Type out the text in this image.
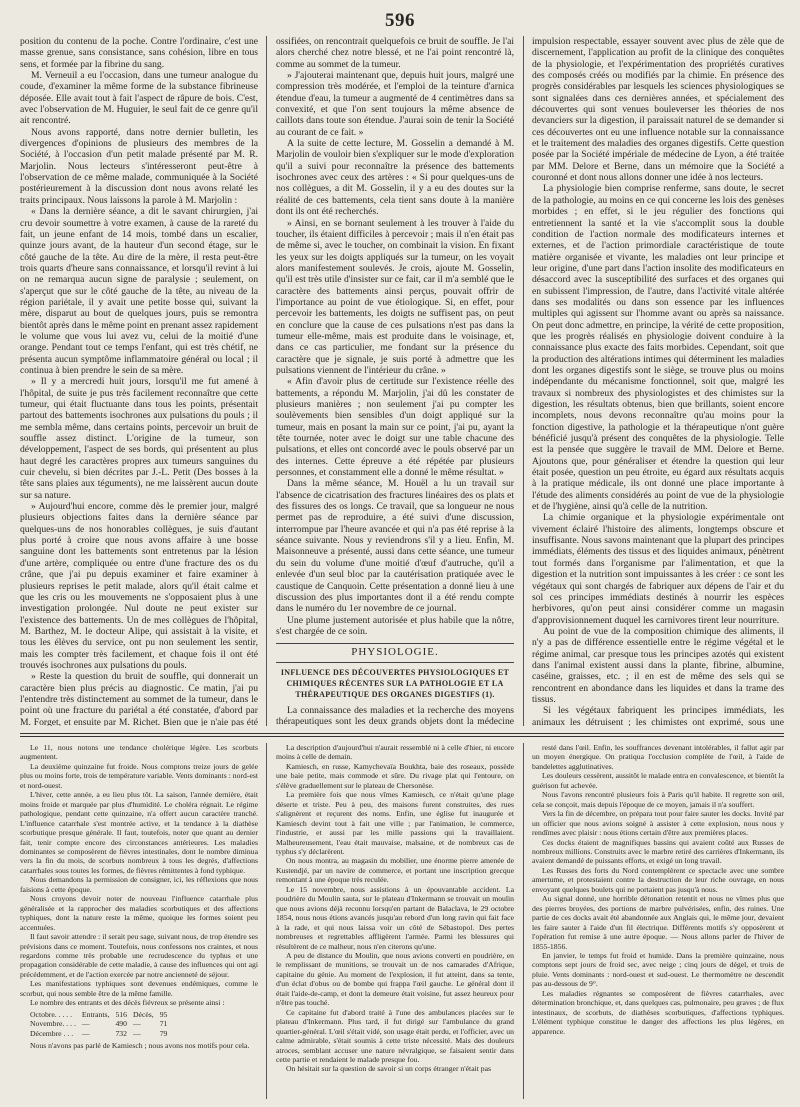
596

position du contenu de la poche. Contre l'ordinaire, c'est une masse grenue, sans consistance, sans cohésion, libre en tous sens, et formée par la fibrine du sang.

M. Verneuil a eu l'occasion, dans une tumeur analogue du coude, d'examiner la même forme de la substance fibrineuse déposée. Elle avait tout à fait l'aspect de râpure de bois. C'est, avec l'observation de M. Huguier, le seul fait de ce genre qu'il ait rencontré.

Nous avons rapporté, dans notre dernier bulletin, les divergences d'opinions de plusieurs des membres de la Société, à l'occasion d'un petit malade présenté par M. R. Marjolin. Nous lecteurs s'intéresseront peut-être à l'observation de ce même malade, communiquée à la Société postérieurement à la discussion dont nous avons relaté les traits principaux. Nous laissons la parole à M. Marjolin :

« Dans la dernière séance, a dit le savant chirurgien, j'ai cru devoir soumettre à votre examen, à cause de la rareté du fait, un jeune enfant de 14 mois, tombé dans un escalier, quinze jours avant, de la hauteur d'un second étage, sur le côté gauche de la tête. Au dire de la mère, il resta peut-être trois quarts d'heure sans connaissance, et lorsqu'il revint à lui on ne remarqua aucun signe de paralysie ; seulement, on s'aperçut que sur le côté gauche de la tête, au niveau de la région pariétale, il y avait une petite bosse qui, suivant la mère, disparut au bout de quelques jours, puis se remontra bientôt après dans le même point en prenant assez rapidement le volume que vous lui avez vu, celui de la moitié d'une orange. Pendant tout ce temps l'enfant, qui est très chétif, ne présenta aucun symptôme inflammatoire général ou local ; il continua à bien prendre le sein de sa mère.

» Il y a mercredi huit jours, lorsqu'il me fut amené à l'hôpital, de suite je pus très facilement reconnaître que cette tumeur, qui était fluctuante dans tous les points, présentait partout des battements isochrones aux pulsations du pouls ; il me sembla même, dans certains points, percevoir un bruit de souffle assez distinct. L'origine de la tumeur, son développement, l'aspect de ses bords, qui présentent au plus haut degré les caractères propres aux tumeurs sanguines du cuir chevelu, si bien décrites par J.-L. Petit (Des bosses à la tête sans plaies aux téguments), ne me laissèrent aucun doute sur sa nature.

» Aujourd'hui encore, comme dès le premier jour, malgré plusieurs objections faites dans la dernière séance par quelques-uns de nos honorables collègues, je suis d'autant plus porté à croire que nous avons affaire à une bosse sanguine dont les battements sont entretenus par la lésion d'une artère, compliquée ou entre d'une fracture des os du crâne, que j'ai pu depuis examiner et faire examiner à plusieurs reprises le petit malade, alors qu'il était calme et que les cris ou les mouvements ne s'opposaient plus à une investigation prolongée. Nul doute ne peut exister sur l'existence des battements. Un de mes collègues de l'hôpital, M. Barthez, M. le docteur Alipe, qui assistait à la visite, et tous les élèves du service, ont pu non seulement les sentir, mais les compter très facilement, et chaque fois il ont été trouvés isochrones aux pulsations du pouls.

» Reste la question du bruit de souffle, qui donnerait un caractère bien plus précis au diagnostic. Ce matin, j'ai pu l'entendre très distinctement au sommet de la tumeur, dans le point où une fracture du pariétal a été constatée, d'abord par M. Forget, et ensuite par M. Richet. Bien que je n'aie pas été

ossifiées, on rencontrait quelquefois ce bruit de souffle. Je l'ai alors cherché chez notre blessé, et ne l'ai point rencontré là, comme au sommet de la tumeur.

» J'ajouterai maintenant que, depuis huit jours, malgré une compression très modérée, et l'emploi de la teinture d'arnica étendue d'eau, la tumeur a augmenté de 4 centimètres dans sa convexité, et que l'on sent toujours la même absence de caillots dans toute son étendue. J'aurai soin de tenir la Société au courant de ce fait. »

A la suite de cette lecture, M. Gosselin a demandé à M. Marjolin de vouloir bien s'expliquer sur le mode d'exploration qu'il a suivi pour reconnaître la présence des battements isochrones avec ceux des artères : « Si pour quelques-uns de nos collègues, a dit M. Gosselin, il y a eu des doutes sur la réalité de ces battements, cela tient sans doute à la manière dont ils ont été recherchés.

» Ainsi, en se bornant seulement à les trouver à l'aide du toucher, ils étaient difficiles à percevoir ; mais il n'en était pas de même si, avec le toucher, on combinait la vision. En fixant les yeux sur les doigts appliqués sur la tumeur, on les voyait alors manifestement soulevés. Je crois, ajoute M. Gosselin, qu'il est très utile d'insister sur ce fait, car il m'a semblé que le caractère des battements ainsi perçus, pouvait offrir de l'importance au point de vue étiologique. Si, en effet, pour percevoir les battements, les doigts ne suffisent pas, on peut en conclure que la cause de ces pulsations n'est pas dans la tumeur elle-même, mais est produite dans le voisinage, et, dans ce cas particulier, me fondant sur la présence du caractère que je signale, je suis porté à admettre que les pulsations viennent de l'intérieur du crâne. »

« Afin d'avoir plus de certitude sur l'existence réelle des battements, a répondu M. Marjolin, j'ai dû les constater de plusieurs manières ; non seulement j'ai pu compter les soulèvements bien sensibles d'un doigt appliqué sur la tumeur, mais en posant la main sur ce point, j'ai pu, ayant la tête tournée, noter avec le doigt sur une table chacune des pulsations, et elles ont concordé avec le pouls observé par un des internes. Cette épreuve a été répétée par plusieurs personnes, et constamment elle a donné le même résultat. »

Dans la même séance, M. Houël a lu un travail sur l'absence de cicatrisation des fractures linéaires des os plats et des fissures des os longs. Ce travail, que sa longueur ne nous permet pas de reproduire, a été suivi d'une discussion, interrompue par l'heure avancée et qui n'a pas été reprise à la séance suivante. Nous y reviendrons s'il y a lieu. Enfin, M. Maisonneuve a présenté, aussi dans cette séance, une tumeur du sein du volume d'une moitié d'œuf d'autruche, qu'il a enlevée d'un seul bloc par la cautérisation pratiquée avec le caustique de Canquoin. Cette présentation a donné lieu à une discussion des plus importantes dont il a été rendu compte dans le numéro du 1er novembre de ce journal.

Une plume justement autorisée et plus habile que la nôtre, s'est chargée de ce soin.

PHYSIOLOGIE.
INFLUENCE DES DÉCOUVERTES PHYSIOLOGIQUES ET CHIMIQUES RÉCENTES SUR LA PATHOLOGIE ET LA THÉRAPEUTIQUE DES ORGANES DIGESTIFS (1).

La connaissance des maladies et la recherche des moyens thérapeutiques sont les deux grands objets dont la médecine

impulsion respectable, essayer souvent avec plus de zèle que de discernement, l'application au profit de la clinique des conquêtes de la physiologie, et l'expérimentation des propriétés curatives des composés créés ou modifiés par la chimie. En présence des progrès considérables par lesquels les sciences physiologiques se sont signalées dans ces dernières années, et spécialement des découvertes qui sont venues bouleverser les théories de nos devanciers sur la digestion, il paraissait naturel de se demander si ces découvertes ont eu une influence notable sur la connaissance et le traitement des maladies des organes digestifs. Cette question posée par la Société impériale de médecine de Lyon, a été traitée par MM. Delore et Berne, dans un mémoire que la Société a couronné et dont nous allons donner une idée à nos lecteurs.

La physiologie bien comprise renferme, sans doute, le secret de la pathologie, au moins en ce qui concerne les lois des genèses morbides ; en effet, si le jeu régulier des fonctions qui entretiennent la santé et la vie s'accomplit sous la double condition de l'action normale des modificateurs internes et externes, et de l'action primordiale caractéristique de toute matière organisée et vivante, les maladies ont leur principe et leur origine, d'une part dans l'action insolite des modificateurs en désaccord avec la susceptibilité des surfaces et des organes qui en subissent l'impression, de l'autre, dans l'activité vitale altérée dans ses modalités ou dans son essence par les influences multiples qui agissent sur l'homme avant ou après sa naissance. On peut donc admettre, en principe, la vérité de cette proposition, que les progrès réalisés en physiologie doivent conduire à la connaissance plus exacte des faits morbides. Cependant, soit que la production des altérations intimes qui déterminent les maladies dont les organes digestifs sont le siège, se trouve plus ou moins indépendante du mécanisme fonctionnel, soit que, malgré les travaux si nombreux des physiologistes et des chimistes sur la digestion, les résultats obtenus, bien que brillants, soient encore incomplets, nous devons reconnaître qu'au moins pour la fonction digestive, la pathologie et la thérapeutique n'ont guère bénéficié jusqu'à présent des conquêtes de la physiologie. Telle est la pensée que suggère le travail de MM. Delore et Berne. Ajoutons que, pour généraliser et étendre la question qui leur était posée, question un peu étroite, eu égard aux résultats acquis à la pratique médicale, ils ont donné une place importante à l'étude des aliments considérés au point de vue de la physiologie et de l'hygiène, ainsi qu'à celle de la nutrition.

La chimie organique et la physiologie expérimentale ont vivement éclairé l'histoire des aliments, longtemps obscure et insuffisante. Nous savons maintenant que la plupart des principes immédiats, éléments des tissus et des liquides animaux, pénètrent tout formés dans l'organisme par l'alimentation, et que la digestion et la nutrition sont impuissantes à les créer : ce sont les végétaux qui sont chargés de fabriquer aux dépens de l'air et du sol ces principes immédiats destinés à nourrir les espèces herbivores, qu'on peut ainsi considérer comme un magasin d'approvisionnement duquel les carnivores tirent leur nourriture.

Au point de vue de la composition chimique des aliments, il n'y a pas de différence essentielle entre le régime végétal et le régime animal, car presque tous les principes azotés qui existent dans l'animal existent aussi dans la plante, fibrine, albumine, caséine, graisses, etc. ; il en est de même des sels qui se rencontrent en abondance dans les liquides et dans la trame des tissus.

Si les végétaux fabriquent les principes immédiats, les animaux les détruisent ; les chimistes ont exprimé, sous une

Le 11, nous notons une tendance cholérique légère. Les scorbuts augmentent.

La deuxième quinzaine fut froide. Nous comptons treize jours de gelée plus ou moins forte, trois de température variable. Vents dominants : nord-est et nord-ouest.

L'hiver, cette année, a eu lieu plus tôt. La saison, l'année dernière, était moins froide et marquée par plus d'humidité. Le choléra régnait. Le régime pathologique, pendant cette quinzaine, n'a offert aucun caractère tranché. L'influence catarrhale s'est montrée active, et la tendance à la diathèse scorbutique presque générale. Il faut, toutefois, noter que quant au dernier fait, tenir compte encore des circonstances antérieures. Les maladies dominantes se composèrent de fièvres intestinales, dont le nombre diminua vers la fin du mois, de scorbuts nombreux à tous les degrés, d'affections catarrhales sous toutes les formes, de fièvres rémittentes à fond typhique.

Nous demandons la permission de consigner, ici, les réflexions que nous faisions à cette époque.

Nous croyons devoir noter de nouveau l'influence catarrhale plus généralisée et la rapprocher des maladies scorbutiques et des affections typhiques, dont la nature reste la même, quoique les formes soient peu accentuées.

Il faut savoir attendre : il serait peu sage, suivant nous, de trop étendre ses prévisions dans ce moment. Toutefois, nous confessons nos craintes, et nous regardons comme très probable une recrudescence du typhus et une propagation considérable de cette maladie, à cause des influences qui ont agi précédemment, et de l'action exercée par notre ancienneté de séjour.

Les manifestations typhiques sont devenues endémiques, comme le scorbut, qui nous semble être de la même famille.

Le nombre des entrants et des décès fiévreux se présente ainsi :

Octobre. . . . .	Entrants,	516	Décès,	95
Novembre. . . .	—	490	—	71
Décembre . . .	—	732	—	79

Nous n'avons pas parlé de Kamiesch ; nous avons nos motifs pour cela.

La description d'aujourd'hui n'aurait ressemblé ni à celle d'hier, ni encore moins à celle de demain.

Kamiesch, en russe, Kamychevaïa Boukhta, baie des roseaux, possède une baie petite, mais commode et sûre. Du rivage plat qui l'entoure, on s'élève graduellement sur le plateau de Chersonèse.

La première fois que nous vîmes Kamiesch, ce n'était qu'une plage déserte et triste. Peu à peu, des maisons furent construites, des rues s'alignèrent et reçurent des noms. Enfin, une église fut inaugurée et Kamiesch devint tout à fait une ville ; par l'animation, le commerce, l'industrie, et aussi par les mille passions qui la travaillaient. Malheureusement, l'eau était mauvaise, malsaine, et de nombreux cas de typhus s'y déclarèrent.

On nous montra, au magasin du mobilier, une énorme pierre amenée de Kustendjé, par un navire de commerce, et portant une inscription grecque remontant à une époque très reculée.

Le 15 novembre, nous assistions à un épouvantable accident. La poudrière du Moulin sauta, sur le plateau d'Inkermann se trouvait un moulin que nous avions déjà reconnu lorsqu'en partant de Balaclava, le 29 octobre 1854, nous nous étions avancés jusqu'au rebord d'un long ravin qui fait face à la rade, et qui nous laissa voir un côté de Sébastopol. Des pertes nombreuses et regrettables affligèrent l'armée. Parmi les blessures qui résultèrent de ce malheur, nous n'en citerons qu'une.

A peu de distance du Moulin, que nous avions converti en poudrière, en le remplissant de munitions, se trouvait un de nos camarades d'Afrique, capitaine du génie. Au moment de l'explosion, il fut atteint, dans sa tente, d'un éclat d'obus ou de bombe qui frappa l'œil gauche. Le général dont il était l'aide-de-camp, et dont la demeure était voisine, fut assez heureux pour n'être pas touché.

Ce capitaine fut d'abord traité à l'une des ambulances placées sur le plateau d'Inkermann. Plus tard, il fut dirigé sur l'ambulance du grand quartier-général. L'œil s'était vidé, son usage était perdu, et l'officier, avec un calme admirable, s'était soumis à cette triste nécessité. Mais des douleurs atroces, semblant accuser une nature névralgique, se faisaient sentir dans cette partie et rendaient le malade presque fou.

On hésitait sur la question de savoir si un corps étranger n'était pas

resté dans l'œil. Enfin, les souffrances devenant intolérables, il fallut agir par un moyen énergique. On pratiqua l'occlusion complète de l'œil, à l'aide de bandelettes agglutinatives.

Les douleurs cessèrent, aussitôt le malade entra en convalescence, et bientôt la guérison fut achevée.

Nous l'avons rencontré plusieurs fois à Paris qu'il habite. Il regrette son œil, cela se conçoit, mais depuis l'époque de ce moyen, jamais il n'a souffert.

Vers la fin de décembre, on prépara tout pour faire sauter les docks. Invité par un officier que nous avions soigné à assister à cette explosion, nous nous y rendîmes avec plaisir : nous étions certain d'être aux premières places.

Ces docks étaient de magnifiques bassins qui avaient coûté aux Russes de nombreux millions. Construits avec le marbre retiré des carrières d'Inkermann, ils avaient demandé de puissants efforts, et exigé un long travail.

Les Russes des forts du Nord contemplèrent ce spectacle avec une sombre amertume, et protestaient contre la destruction de leur riche ouvrage, en nous envoyant quelques boulets qui ne portaient pas jusqu'à nous.

Au signal donné, une horrible détonation retentit et nous ne vîmes plus que des pierres broyées, des portions de marbre pulvérisées, enfin, des ruines. Une partie de ces docks avait été abandonnée aux Anglais qui, le même jour, devaient les faire sauter à l'aide d'un fil électrique. Différents motifs s'y opposèrent et l'opération fut remise à une autre époque. — Nous allons parler de l'hiver de 1855-1856.

En janvier, le temps fut froid et humide. Dans la première quinzaine, nous comptons sept jours de froid sec, avec neige ; cinq jours de dégel, et trois de pluie. Vents dominants : nord-ouest et sud-ouest. Le thermomètre ne descendit pas au-dessous de 9°.

Les maladies régnantes se composèrent de fièvres catarrhales, avec détermination bronchique, et, dans quelques cas, pulmonaire, peu graves ; de flux intestinaux, de scorbuts, de diathèses scorbutiques, d'affections typhiques. L'élément typhique constitue le danger des affections les plus légères, en apparence.
